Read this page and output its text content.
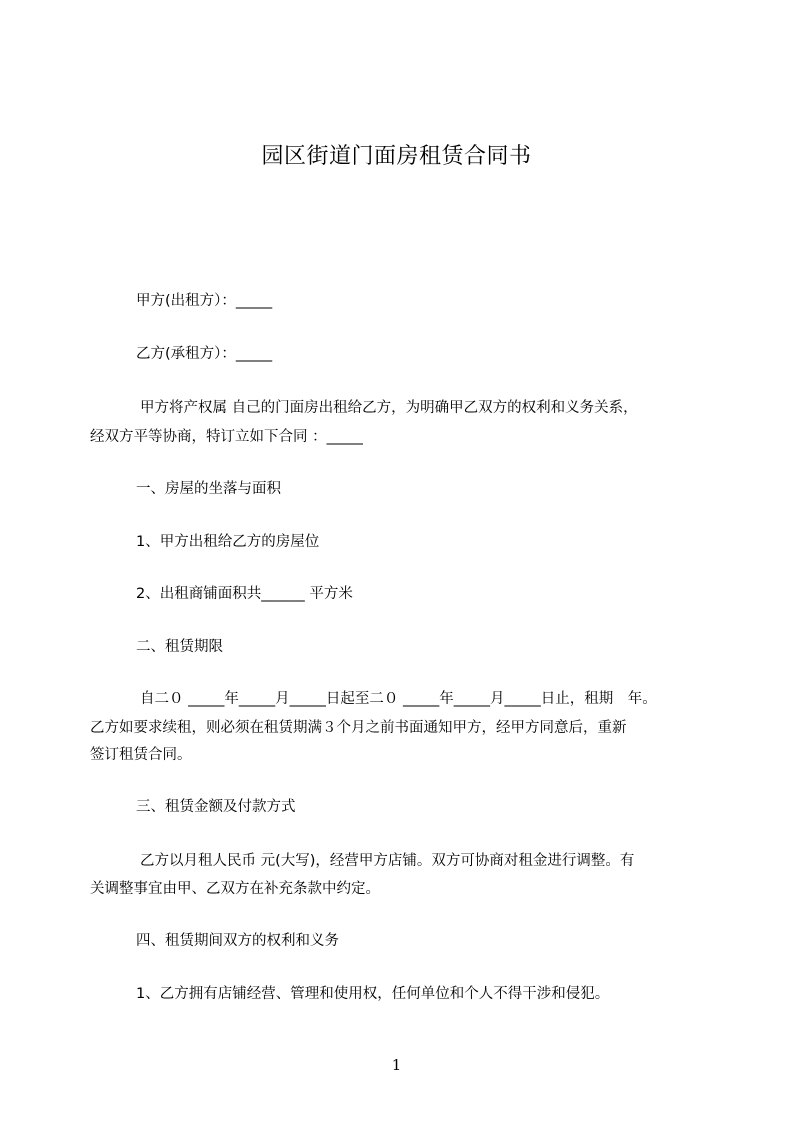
园区街道门面房租赁合同书
甲方(出租方）：_____
乙方(承租方）：_____
甲方将产权属 自己的门面房出租给乙方，为明确甲乙双方的权利和义务关系，
经双方平等协商，特订立如下合同 ：_____
一、房屋的坐落与面积
1、甲方出租给乙方的房屋位
2、出租商铺面积共______ 平方米
二、租赁期限
自二０ _____年_____月_____日起至二０ _____年_____月_____日止，租期　年。
乙方如要求续租，则必须在租赁期满３个月之前书面通知甲方，经甲方同意后，重新
签订租赁合同。
三、租赁金额及付款方式
乙方以月租人民币 元(大写)，经营甲方店铺。双方可协商对租金进行调整。有
关调整事宜由甲、乙双方在补充条款中约定。
四、租赁期间双方的权利和义务
1、乙方拥有店铺经营、管理和使用权，任何单位和个人不得干涉和侵犯。
1
